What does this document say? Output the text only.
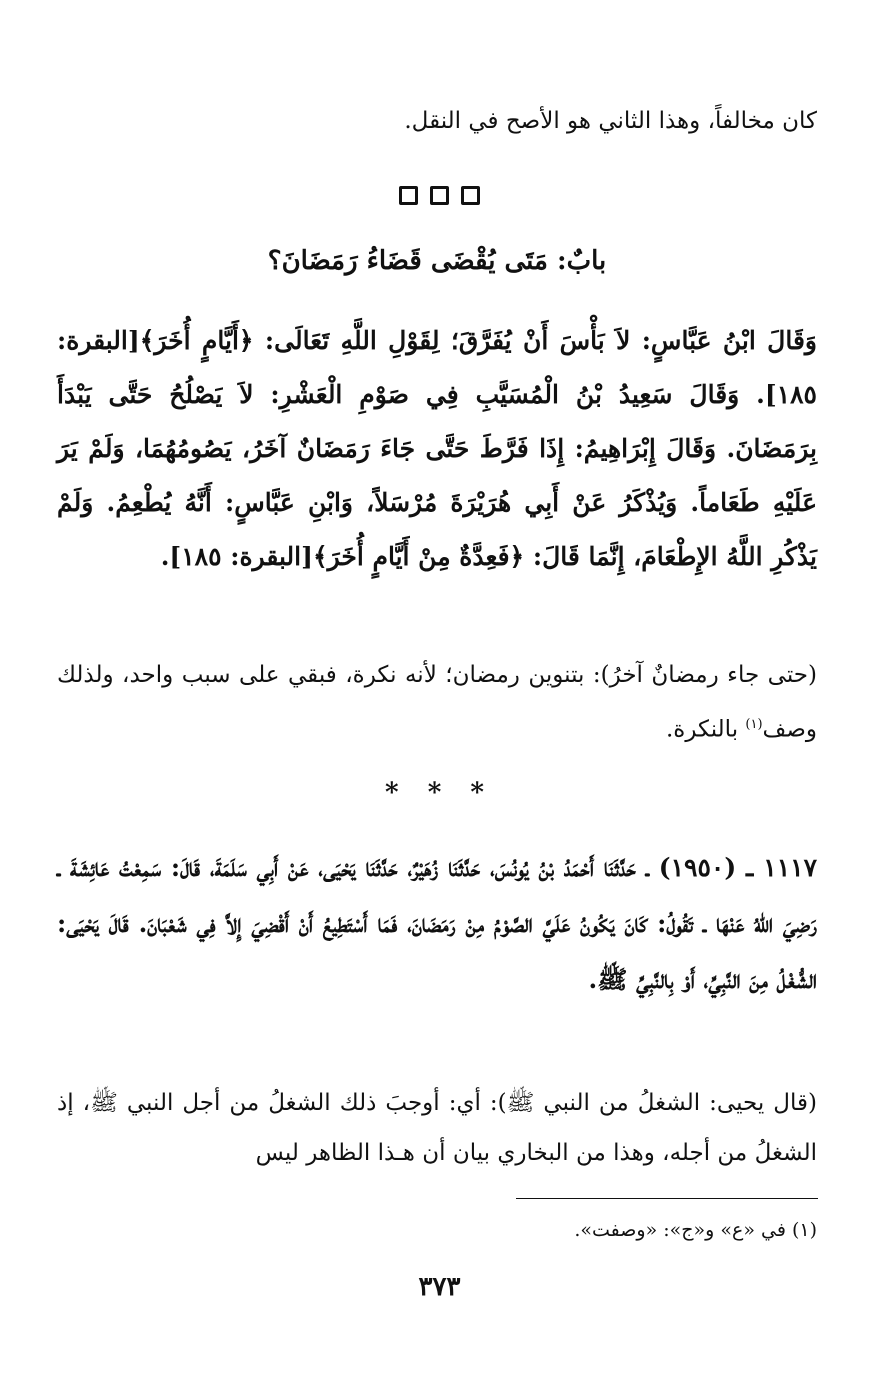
كان مخالفاً، وهذا الثاني هو الأصح في النقل.
بابٌ: مَتَى يُقْضَى قَضَاءُ رَمَضَانَ؟
وَقَالَ ابْنُ عَبَّاسٍ: لاَ بَأْسَ أَنْ يُفَرَّقَ؛ لِقَوْلِ اللَّهِ تَعَالَى: ﴿أَيَّامٍ أُخَرَ﴾[البقرة: ١٨٥]. وَقَالَ سَعِيدُ بْنُ الْمُسَيَّبِ فِي صَوْمِ الْعَشْرِ: لاَ يَصْلُحُ حَتَّى يَبْدَأَ بِرَمَضَانَ. وَقَالَ إِبْرَاهِيمُ: إِذَا فَرَّطَ حَتَّى جَاءَ رَمَضَانٌ آخَرُ، يَصُومُهُمَا، وَلَمْ يَرَ عَلَيْهِ طَعَاماً. وَيُذْكَرُ عَنْ أَبِي هُرَيْرَةَ مُرْسَلاً، وَابْنِ عَبَّاسٍ: أَنَّهُ يُطْعِمُ. وَلَمْ يَذْكُرِ اللَّهُ الإِطْعَامَ، إِنَّمَا قَالَ: ﴿فَعِدَّةٌ مِنْ أَيَّامٍ أُخَرَ﴾[البقرة: ١٨٥].
(حتى جاء رمضانٌ آخرُ): بتنوين رمضان؛ لأنه نكرة، فبقي على سبب واحد، ولذلك وصف$^{(١)}$ بالنكرة.
* * *
١١١٧ ـ (١٩٥٠) ـ حَدَّثَنَا أَحْمَدُ بْنُ يُونُسَ، حَدَّثَنَا زُهَيْرٌ، حَدَّثَنَا يَحْيَى، عَنْ أَبِي سَلَمَةَ، قَالَ: سَمِعْتُ عَائِشَةَ ـ رَضِيَ اللهُ عَنْهَا ـ تَقُولُ: كَانَ يَكُونُ عَلَيَّ الصَّوْمُ مِنْ رَمَضَانَ، فَمَا أَسْتَطِيعُ أَنْ أَقْضِيَ إِلاَّ فِي شَعْبَانَ. قَالَ يَحْيَى: الشُّغْلُ مِنَ النَّبِيِّ، أَوْ بِالنَّبِيِّ ﷺ.
(قال يحيى: الشغلُ من النبي ﷺ): أي: أوجبَ ذلك الشغلُ من أجل النبي ﷺ، إذ الشغلُ من أجله، وهذا من البخاري بيان أن هـذا الظاهر ليس
(١) في «ع» و«ج»: «وصفت».
٣٧٣
